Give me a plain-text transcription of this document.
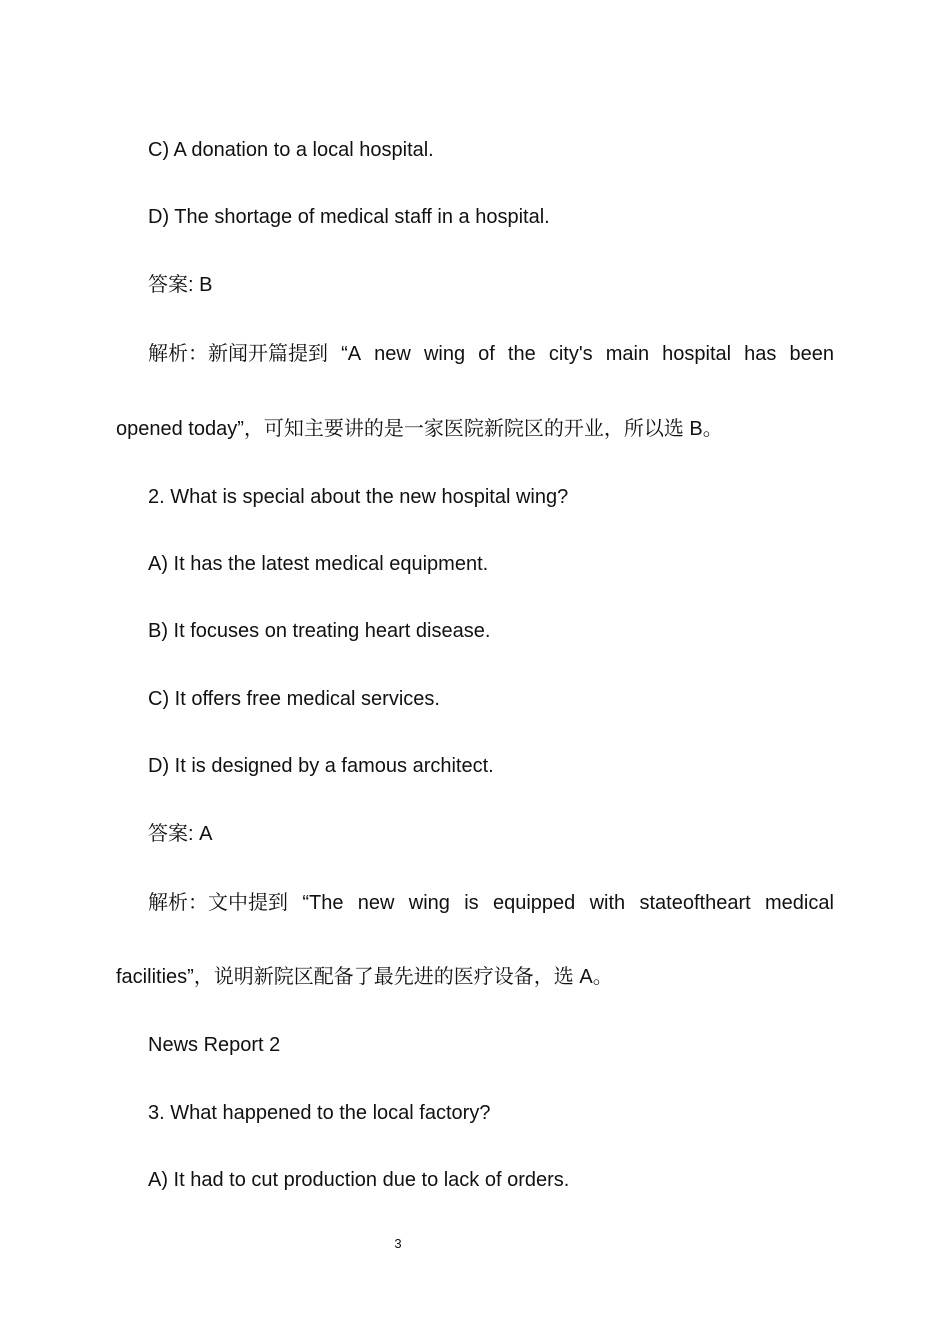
C) A donation to a local hospital.
D) The shortage of medical staff in a hospital.
答案: B
解析：新闻开篇提到 “A new wing of the city's main hospital has been
opened today”，可知主要讲的是一家医院新院区的开业，所以选 B。
2. What is special about the new hospital wing?
A) It has the latest medical equipment.
B) It focuses on treating heart disease.
C) It offers free medical services.
D) It is designed by a famous architect.
答案: A
解析：文中提到 “The new wing is equipped with stateoftheart medical
facilities”，说明新院区配备了最先进的医疗设备，选 A。
News Report 2
3. What happened to the local factory?
A) It had to cut production due to lack of orders.
3
